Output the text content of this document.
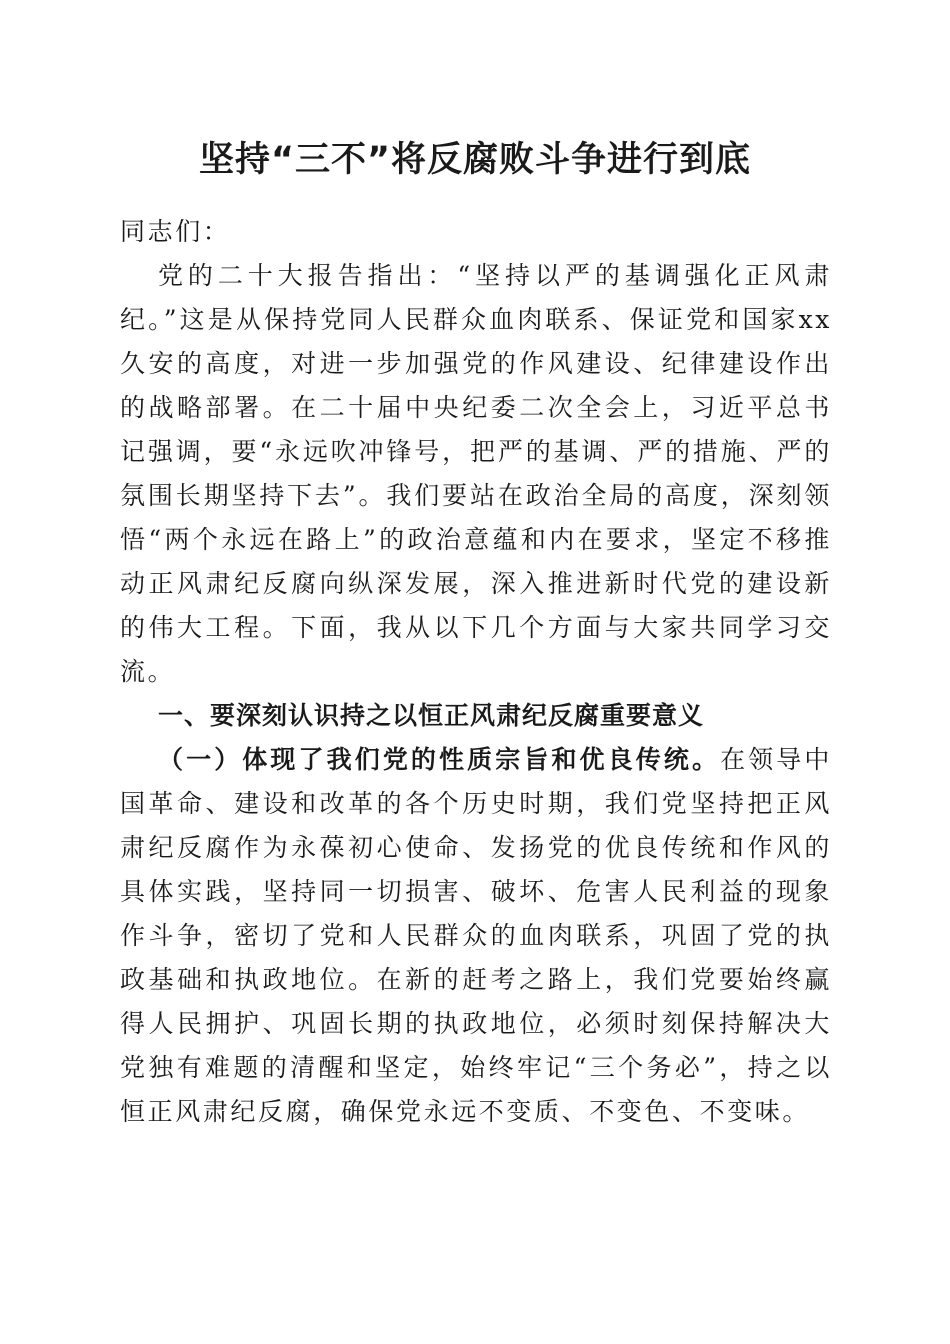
坚持“三不”将反腐败斗争进行到底

同志们：

党的二十大报告指出：“坚持以严的基调强化正风肃纪。”这是从保持党同人民群众血肉联系、保证党和国家xx久安的高度，对进一步加强党的作风建设、纪律建设作出的战略部署。在二十届中央纪委二次全会上，习近平总书记强调，要“永远吹冲锋号，把严的基调、严的措施、严的氛围长期坚持下去”。我们要站在政治全局的高度，深刻领悟“两个永远在路上”的政治意蕴和内在要求，坚定不移推动正风肃纪反腐向纵深发展，深入推进新时代党的建设新的伟大工程。下面，我从以下几个方面与大家共同学习交流。

一、要深刻认识持之以恒正风肃纪反腐重要意义

（一）体现了我们党的性质宗旨和优良传统。在领导中国革命、建设和改革的各个历史时期，我们党坚持把正风肃纪反腐作为永葆初心使命、发扬党的优良传统和作风的具体实践，坚持同一切损害、破坏、危害人民利益的现象作斗争，密切了党和人民群众的血肉联系，巩固了党的执政基础和执政地位。在新的赶考之路上，我们党要始终赢得人民拥护、巩固长期的执政地位，必须时刻保持解决大党独有难题的清醒和坚定，始终牢记“三个务必”，持之以恒正风肃纪反腐，确保党永远不变质、不变色、不变味。
